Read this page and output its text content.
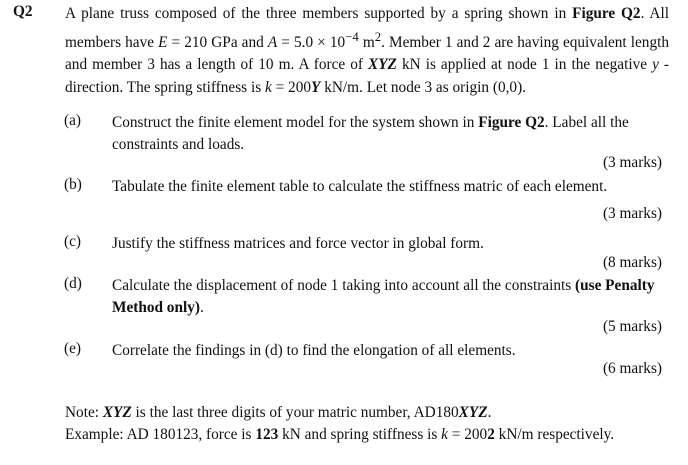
Q2 A plane truss composed of the three members supported by a spring shown in Figure Q2. All members have E = 210 GPa and $A = 5.0 \times 10^{-4}$ $m^2$. Member 1 and 2 are having equivalent length and member 3 has a length of 10 m. A force of XYZ kN is applied at node 1 in the negative y - direction. The spring stiffness is k = 200Y kN/m. Let node 3 as origin (0,0).
(a) Construct the finite element model for the system shown in Figure Q2. Label all the constraints and loads.
(3 marks)
(b) Tabulate the finite element table to calculate the stiffness matric of each element.
(3 marks)
(c) Justify the stiffness matrices and force vector in global form.
(8 marks)
(d) Calculate the displacement of node 1 taking into account all the constraints (use Penalty Method only).
(5 marks)
(e) Correlate the findings in (d) to find the elongation of all elements.
(6 marks)
Note: XYZ is the last three digits of your matric number, AD180XYZ.
Example: AD 180123, force is 123 kN and spring stiffness is k = 2002 kN/m respectively.
